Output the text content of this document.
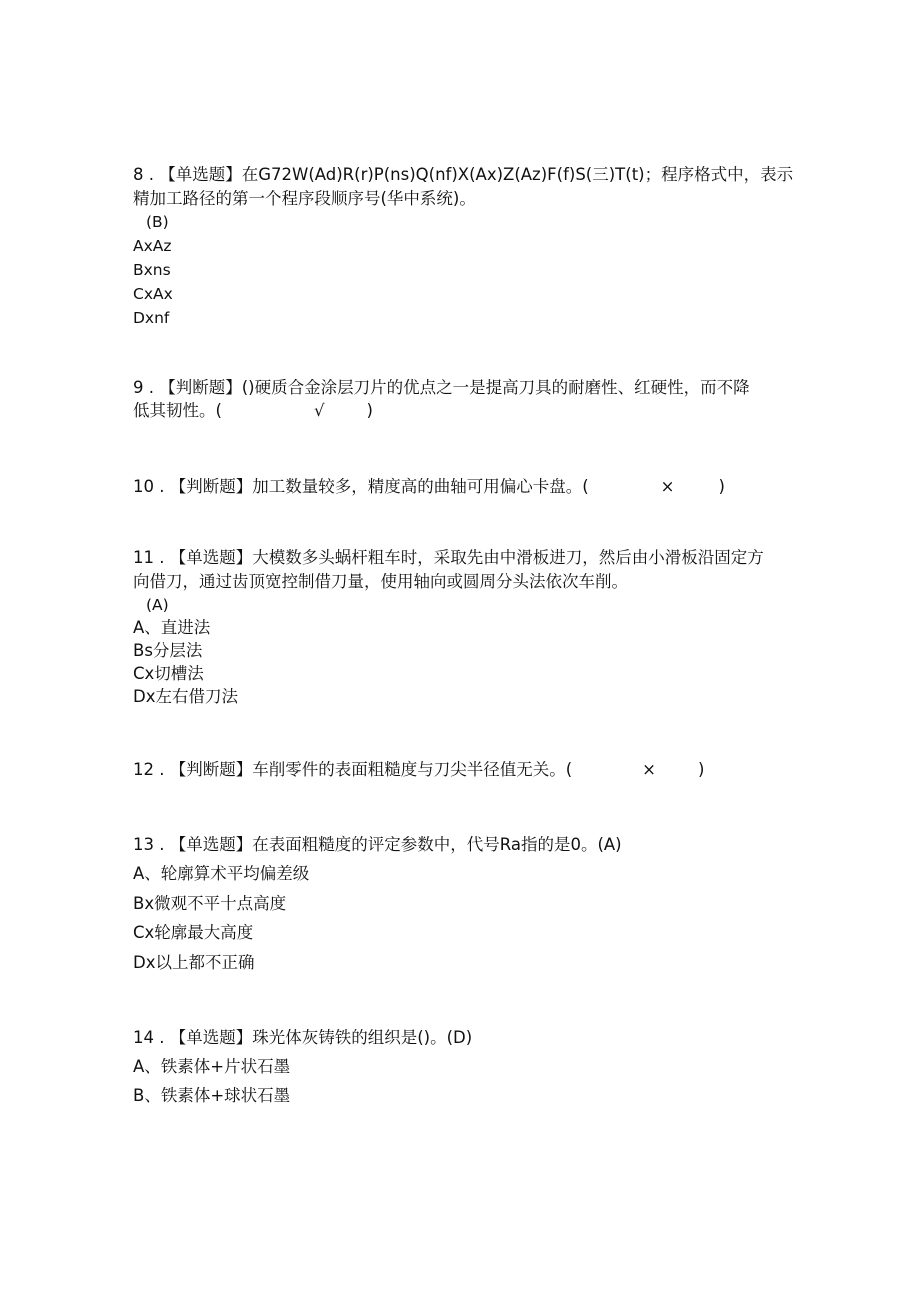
8 . 【单选题】在G72W(Ad)R(r)P(ns)Q(nf)X(Ax)Z(Az)F(f)S(三)T(t)；程序格式中，表示
精加工路径的第一个程序段顺序号(华中系统)。
(B)
AxAz
Bxns
CxAx
Dxnf
9 . 【判断题】()硬质合金涂层刀片的优点之一是提高刀具的耐磨性、红硬性，而不降
低其韧性。(	√	)
10 . 【判断题】加工数量较多，精度高的曲轴可用偏心卡盘。(	×	)
11 . 【单选题】大模数多头蜗杆粗车时，采取先由中滑板进刀，然后由小滑板沿固定方
向借刀，通过齿顶宽控制借刀量，使用轴向或圆周分头法依次车削。
(A)
A、直进法
Bs分层法
Cx切槽法
Dx左右借刀法
12 . 【判断题】车削零件的表面粗糙度与刀尖半径值无关。(	×	)
13 . 【单选题】在表面粗糙度的评定参数中，代号Ra指的是0。(A)
A、轮廓算术平均偏差级
Bx微观不平十点高度
Cx轮廓最大高度
Dx以上都不正确
14 . 【单选题】珠光体灰铸铁的组织是()。(D)
A、铁素体+片状石墨
B、铁素体+球状石墨
